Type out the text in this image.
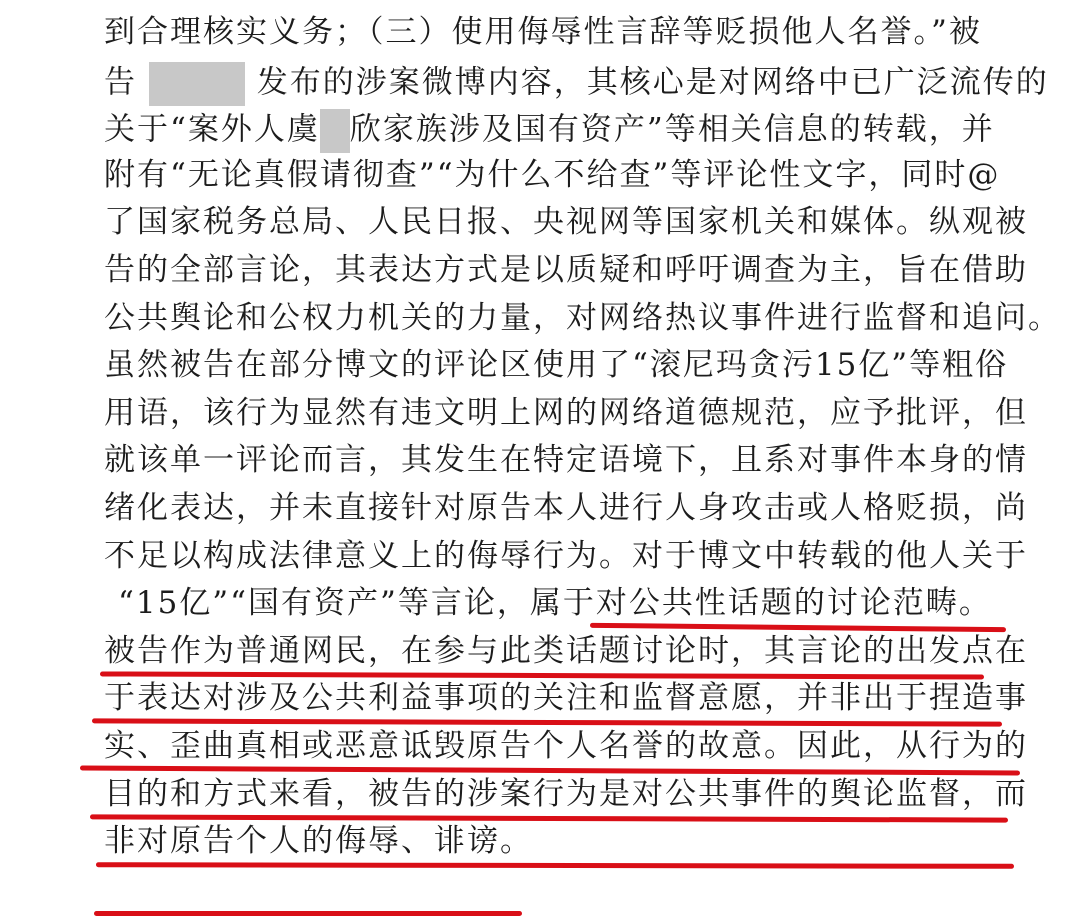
到合理核实义务；（三）使用侮辱性言辞等贬损他人名誉。”被
告	发布的涉案微博内容，其核心是对网络中已广泛流传的
关于“案外人虞 欣家族涉及国有资产”等相关信息的转载，并
附有“无论真假请彻查”“为什么不给查”等评论性文字，同时@
了国家税务总局、人民日报、央视网等国家机关和媒体。纵观被
告的全部言论，其表达方式是以质疑和呼吁调查为主，旨在借助
公共舆论和公权力机关的力量，对网络热议事件进行监督和追问。
虽然被告在部分博文的评论区使用了“滚尼玛贪污15亿”等粗俗
用语，该行为显然有违文明上网的网络道德规范，应予批评，但
就该单一评论而言，其发生在特定语境下，且系对事件本身的情
绪化表达，并未直接针对原告本人进行人身攻击或人格贬损，尚
不足以构成法律意义上的侮辱行为。对于博文中转载的他人关于
“15亿”“国有资产”等言论，属于对公共性话题的讨论范畴。
被告作为普通网民，在参与此类话题讨论时，其言论的出发点在
于表达对涉及公共利益事项的关注和监督意愿，并非出于捏造事
实、歪曲真相或恶意诋毁原告个人名誉的故意。因此，从行为的
目的和方式来看，被告的涉案行为是对公共事件的舆论监督，而
非对原告个人的侮辱、诽谤。
